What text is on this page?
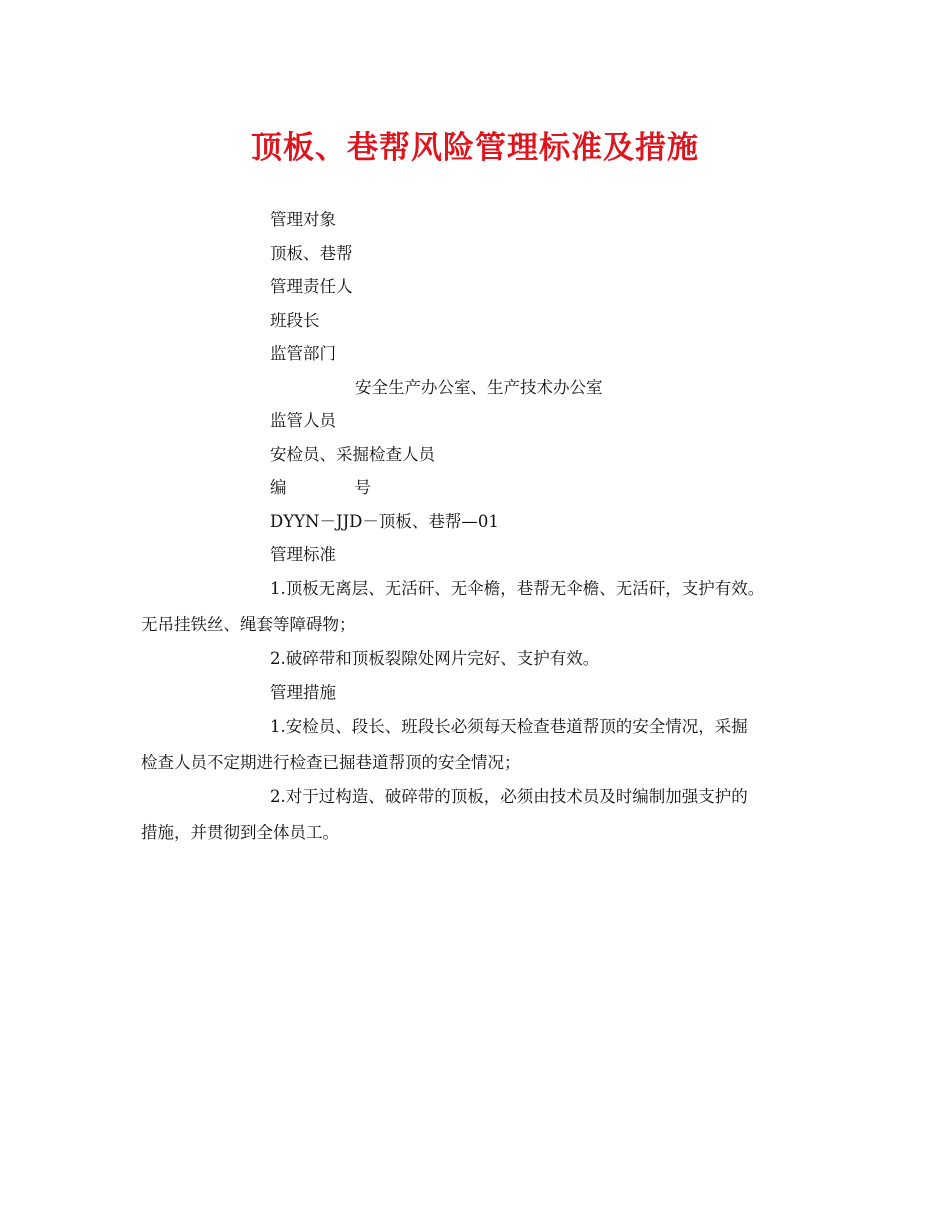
顶板、巷帮风险管理标准及措施
管理对象
顶板、巷帮
管理责任人
班段长
监管部门
安全生产办公室、生产技术办公室
监管人员
安检员、采掘检查人员
编	号
DYYN－JJD－顶板、巷帮—01
管理标准
1.顶板无离层、无活矸、无伞檐，巷帮无伞檐、无活矸，支护有效。
无吊挂铁丝、绳套等障碍物；
2.破碎带和顶板裂隙处网片完好、支护有效。
管理措施
1.安检员、段长、班段长必须每天检查巷道帮顶的安全情况，采掘
检查人员不定期进行检查已掘巷道帮顶的安全情况；
2.对于过构造、破碎带的顶板，必须由技术员及时编制加强支护的
措施，并贯彻到全体员工。
